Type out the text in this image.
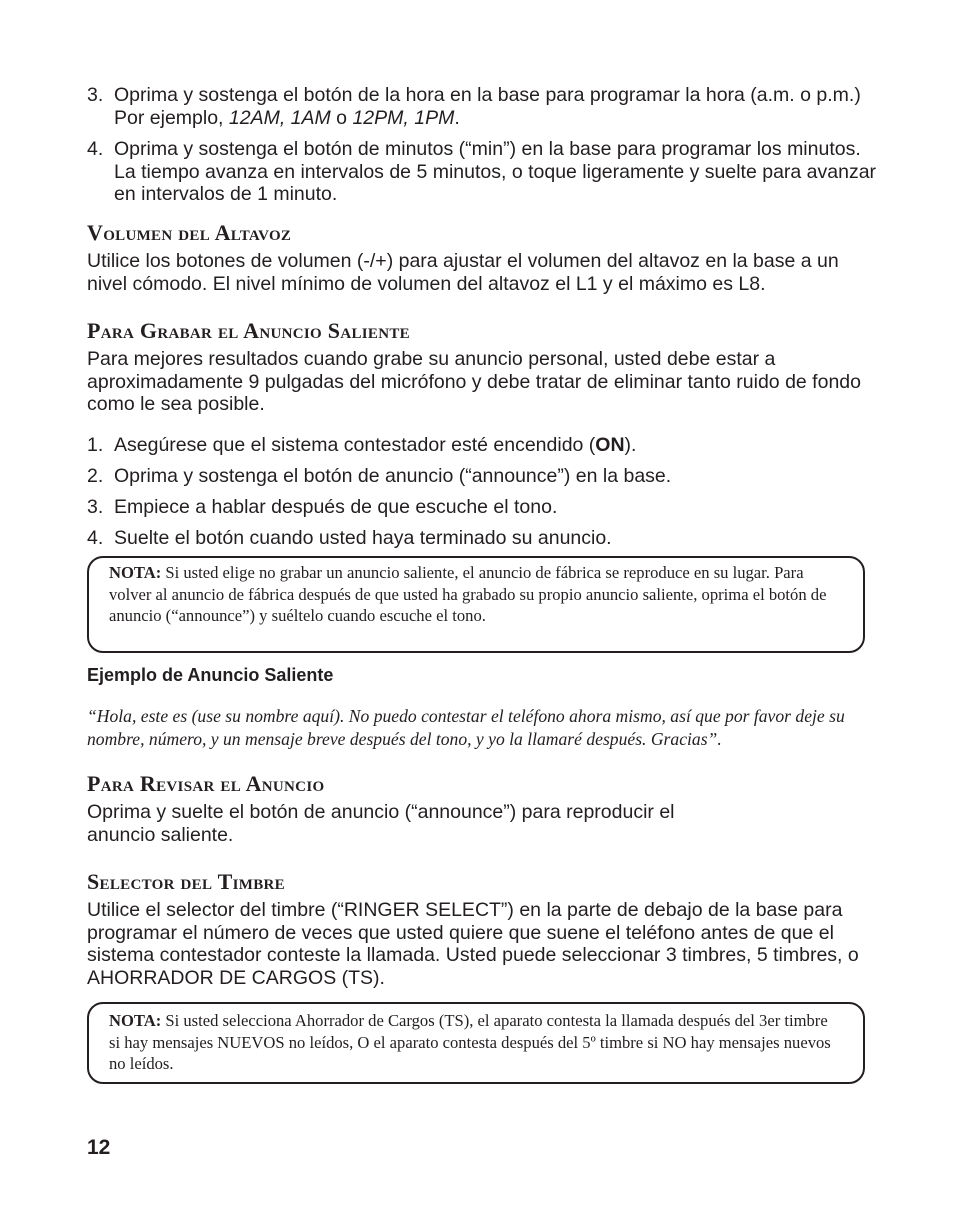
3. Oprima y sostenga el botón de la hora en la base para programar la hora (a.m. o p.m.) Por ejemplo, 12AM, 1AM o 12PM, 1PM.
4. Oprima y sostenga el botón de minutos (“min”) en la base para programar los minutos. La tiempo avanza en intervalos de 5 minutos, o toque ligeramente y suelte para avanzar en intervalos de 1 minuto.
Volumen del Altavoz
Utilice los botones de volumen (-/+) para ajustar el volumen del altavoz en la base a un nivel cómodo. El nivel mínimo de volumen del altavoz el L1 y el máximo es L8.
Para Grabar el Anuncio Saliente
Para mejores resultados cuando grabe su anuncio personal, usted debe estar a aproximadamente 9 pulgadas del micrófono y debe tratar de eliminar tanto ruido de fondo como le sea posible.
1. Asegúrese que el sistema contestador esté encendido (ON).
2. Oprima y sostenga el botón de anuncio (“announce”) en la base.
3. Empiece a hablar después de que escuche el tono.
4. Suelte el botón cuando usted haya terminado su anuncio.
NOTA: Si usted elige no grabar un anuncio saliente, el anuncio de fábrica se reproduce en su lugar. Para volver al anuncio de fábrica después de que usted ha grabado su propio anuncio saliente, oprima el botón de anuncio (“announce”) y suéltelo cuando escuche el tono.
Ejemplo de Anuncio Saliente
“Hola, este es (use su nombre aquí). No puedo contestar el teléfono ahora mismo, así que por favor deje su nombre, número, y un mensaje breve después del tono, y yo la llamaré después. Gracias”.
Para Revisar el Anuncio
Oprima y suelte el botón de anuncio (“announce”) para reproducir el
anuncio saliente.
Selector del Timbre
Utilice el selector del timbre (“RINGER SELECT”) en la parte de debajo de la base para programar el número de veces que usted quiere que suene el teléfono antes de que el sistema contestador conteste la llamada. Usted puede seleccionar 3 timbres, 5 timbres, o AHORRADOR DE CARGOS (TS).
NOTA: Si usted selecciona Ahorrador de Cargos (TS), el aparato contesta la llamada después del 3er timbre si hay mensajes NUEVOS no leídos, O el aparato contesta después del 5º timbre si NO hay mensajes nuevos no leídos.
12
